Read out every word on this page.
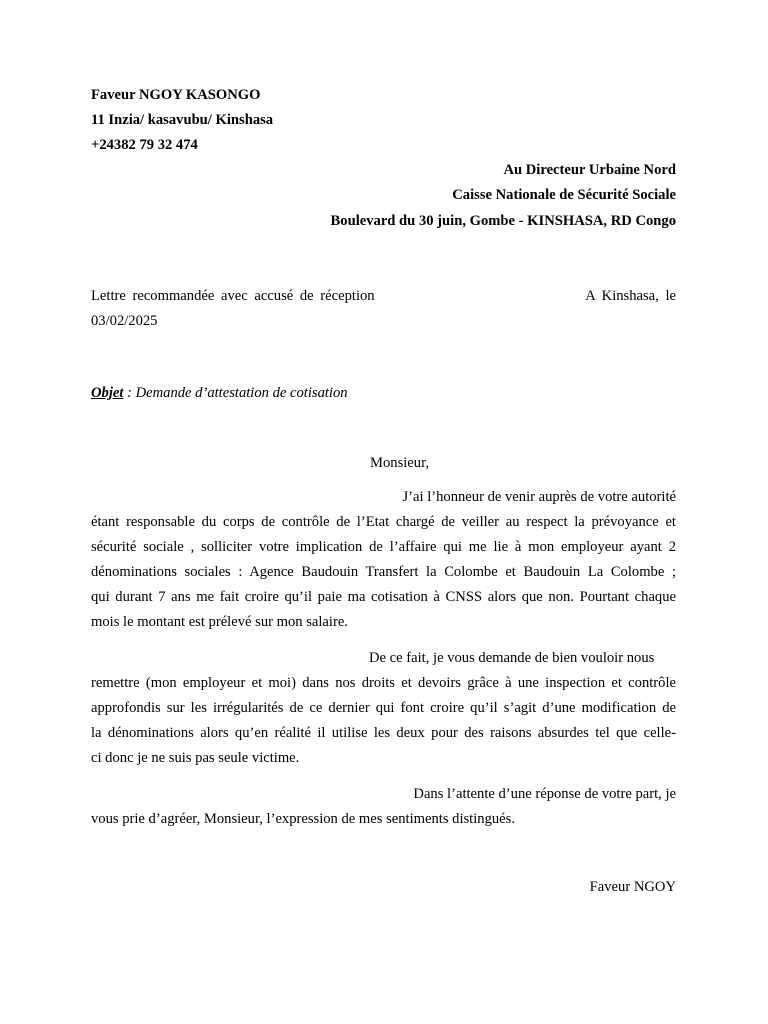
Faveur NGOY KASONGO
11 Inzia/ kasavubu/ Kinshasa
+24382 79 32 474
Au Directeur Urbaine Nord
Caisse Nationale de Sécurité Sociale
Boulevard du 30 juin, Gombe - KINSHASA, RD Congo
Lettre recommandée avec accusé de réception	A Kinshasa, le
03/02/2025
Objet : Demande d’attestation de cotisation
Monsieur,
J’ai l’honneur de venir auprès de votre autorité
étant responsable du corps de contrôle de l’Etat chargé de veiller au respect la prévoyance et
sécurité sociale , solliciter votre implication de l’affaire qui me lie à mon employeur ayant 2
dénominations sociales : Agence Baudouin Transfert la Colombe et Baudouin La Colombe ;
qui durant 7 ans me fait croire qu’il paie ma cotisation à CNSS alors que non. Pourtant chaque
mois le montant est prélevé sur mon salaire.
De ce fait, je vous demande de bien vouloir nous
remettre (mon employeur et moi) dans nos droits et devoirs grâce à une inspection et contrôle
approfondis sur les irrégularités de ce dernier qui font croire qu’il s’agit d’une modification de
la dénominations alors qu’en réalité il utilise les deux pour des raisons absurdes tel que celle-
ci donc je ne suis pas seule victime.
Dans l’attente d’une réponse de votre part, je
vous prie d’agréer, Monsieur, l’expression de mes sentiments distingués.
Faveur NGOY
